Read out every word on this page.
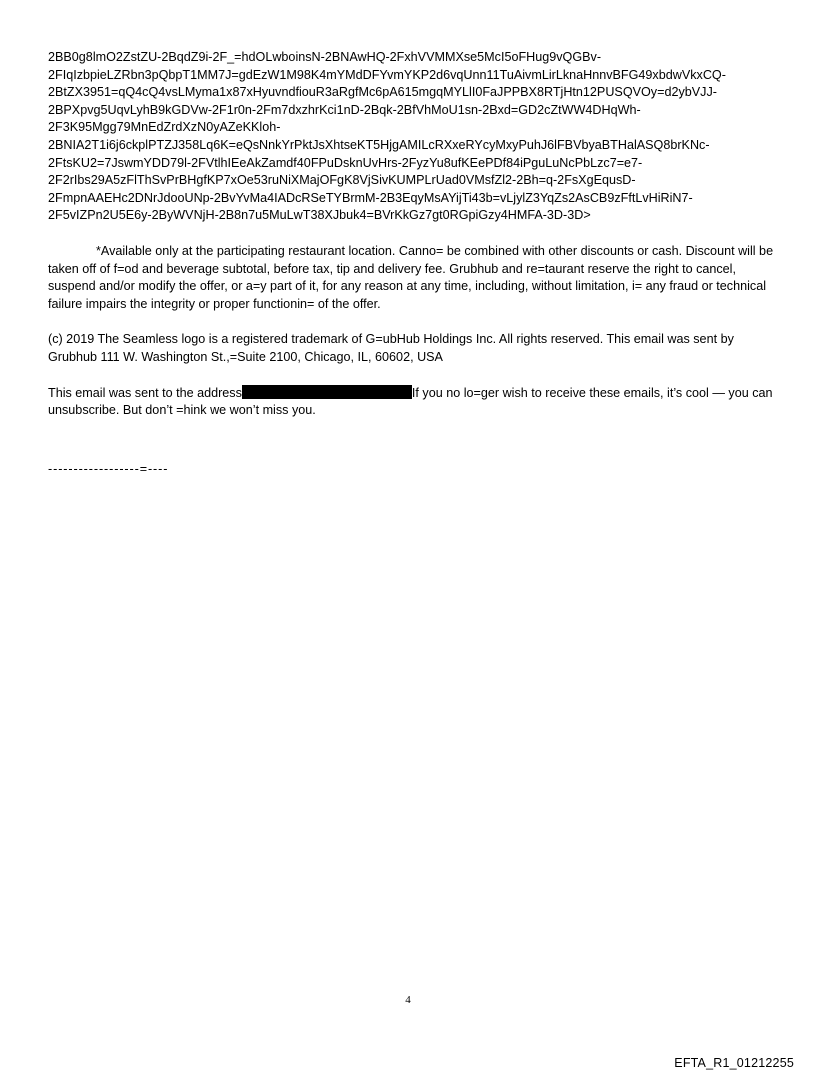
2BB0g8lmO2ZstZU-2BqdZ9i-2F_=hdOLwboinsN-2BNAwHQ-2FxhVVMMXse5McI5oFHug9vQGBv-
2FIqIzbpieLZRbn3pQbpT1MM7J=gdEzW1M98K4mYMdDFYvmYKP2d6vqUnn11TuAivmLirLknaHnnvBFG49xbdwVkxCQ-
2BtZX3951=qQ4cQ4vsLMyma1x87xHyuvndfiouR3aRgfMc6pA615mgqMYLlI0FaJPPBX8RTjHtn12PUSQVOy=d2ybVJJ-
2BPXpvg5UqvLyhB9kGDVw-2F1r0n-2Fm7dxzhrKci1nD-2Bqk-2BfVhMoU1sn-2Bxd=GD2cZtWW4DHqWh-
2F3K95Mgg79MnEdZrdXzN0yAZeKKloh-
2BNIA2T1i6j6ckplPTZJ358Lq6K=eQsNnkYrPktJsXhtseKT5HjgAMILcRXxeRYcyMxyPuhJ6lFBVbyaBTHalASQ8brKNc-
2FtsKU2=7JswmYDD79l-2FVtlhIEeAkZamdf40FPuDsknUvHrs-2FyzYu8ufKEePDf84iPguLuNcPbLzc7=e7-
2F2rIbs29A5zFlThSvPrBHgfKP7xOe53ruNiXMajOFgK8VjSivKUMPLrUad0VMsfZl2-2Bh=q-2FsXgEqusD-
2FmpnAAEHc2DNrJdooUNp-2BvYvMa4IADcRSeTYBrmM-2B3EqyMsAYijTi43b=vLjylZ3YqZs2AsCB9zFftLvHiRiN7-
2F5vIZPn2U5E6y-2ByWVNjH-2B8n7u5MuLwT38XJbuk4=BVrKkGz7gt0RGpiGzy4HMFA-3D-3D>
*Available only at the participating restaurant location. Canno= be combined with other discounts or cash. Discount will be taken off of f=od and beverage subtotal, before tax, tip and delivery fee. Grubhub and re=taurant reserve the right to cancel, suspend and/or modify the offer, or a=y part of it, for any reason at any time, including, without limitation, i= any fraud or technical failure impairs the integrity or proper functionin= of the offer.
(c) 2019 The Seamless logo is a registered trademark of G=ubHub Holdings Inc. All rights reserved. This email was sent by Grubhub 111 W. Washington St.,=Suite 2100, Chicago, IL, 60602, USA
This email was sent to the address	If you no lo=ger wish to receive these emails, it’s cool — you can unsubscribe. But don’t =hink we won’t miss you.
------------------=----
4
EFTA_R1_01212255
